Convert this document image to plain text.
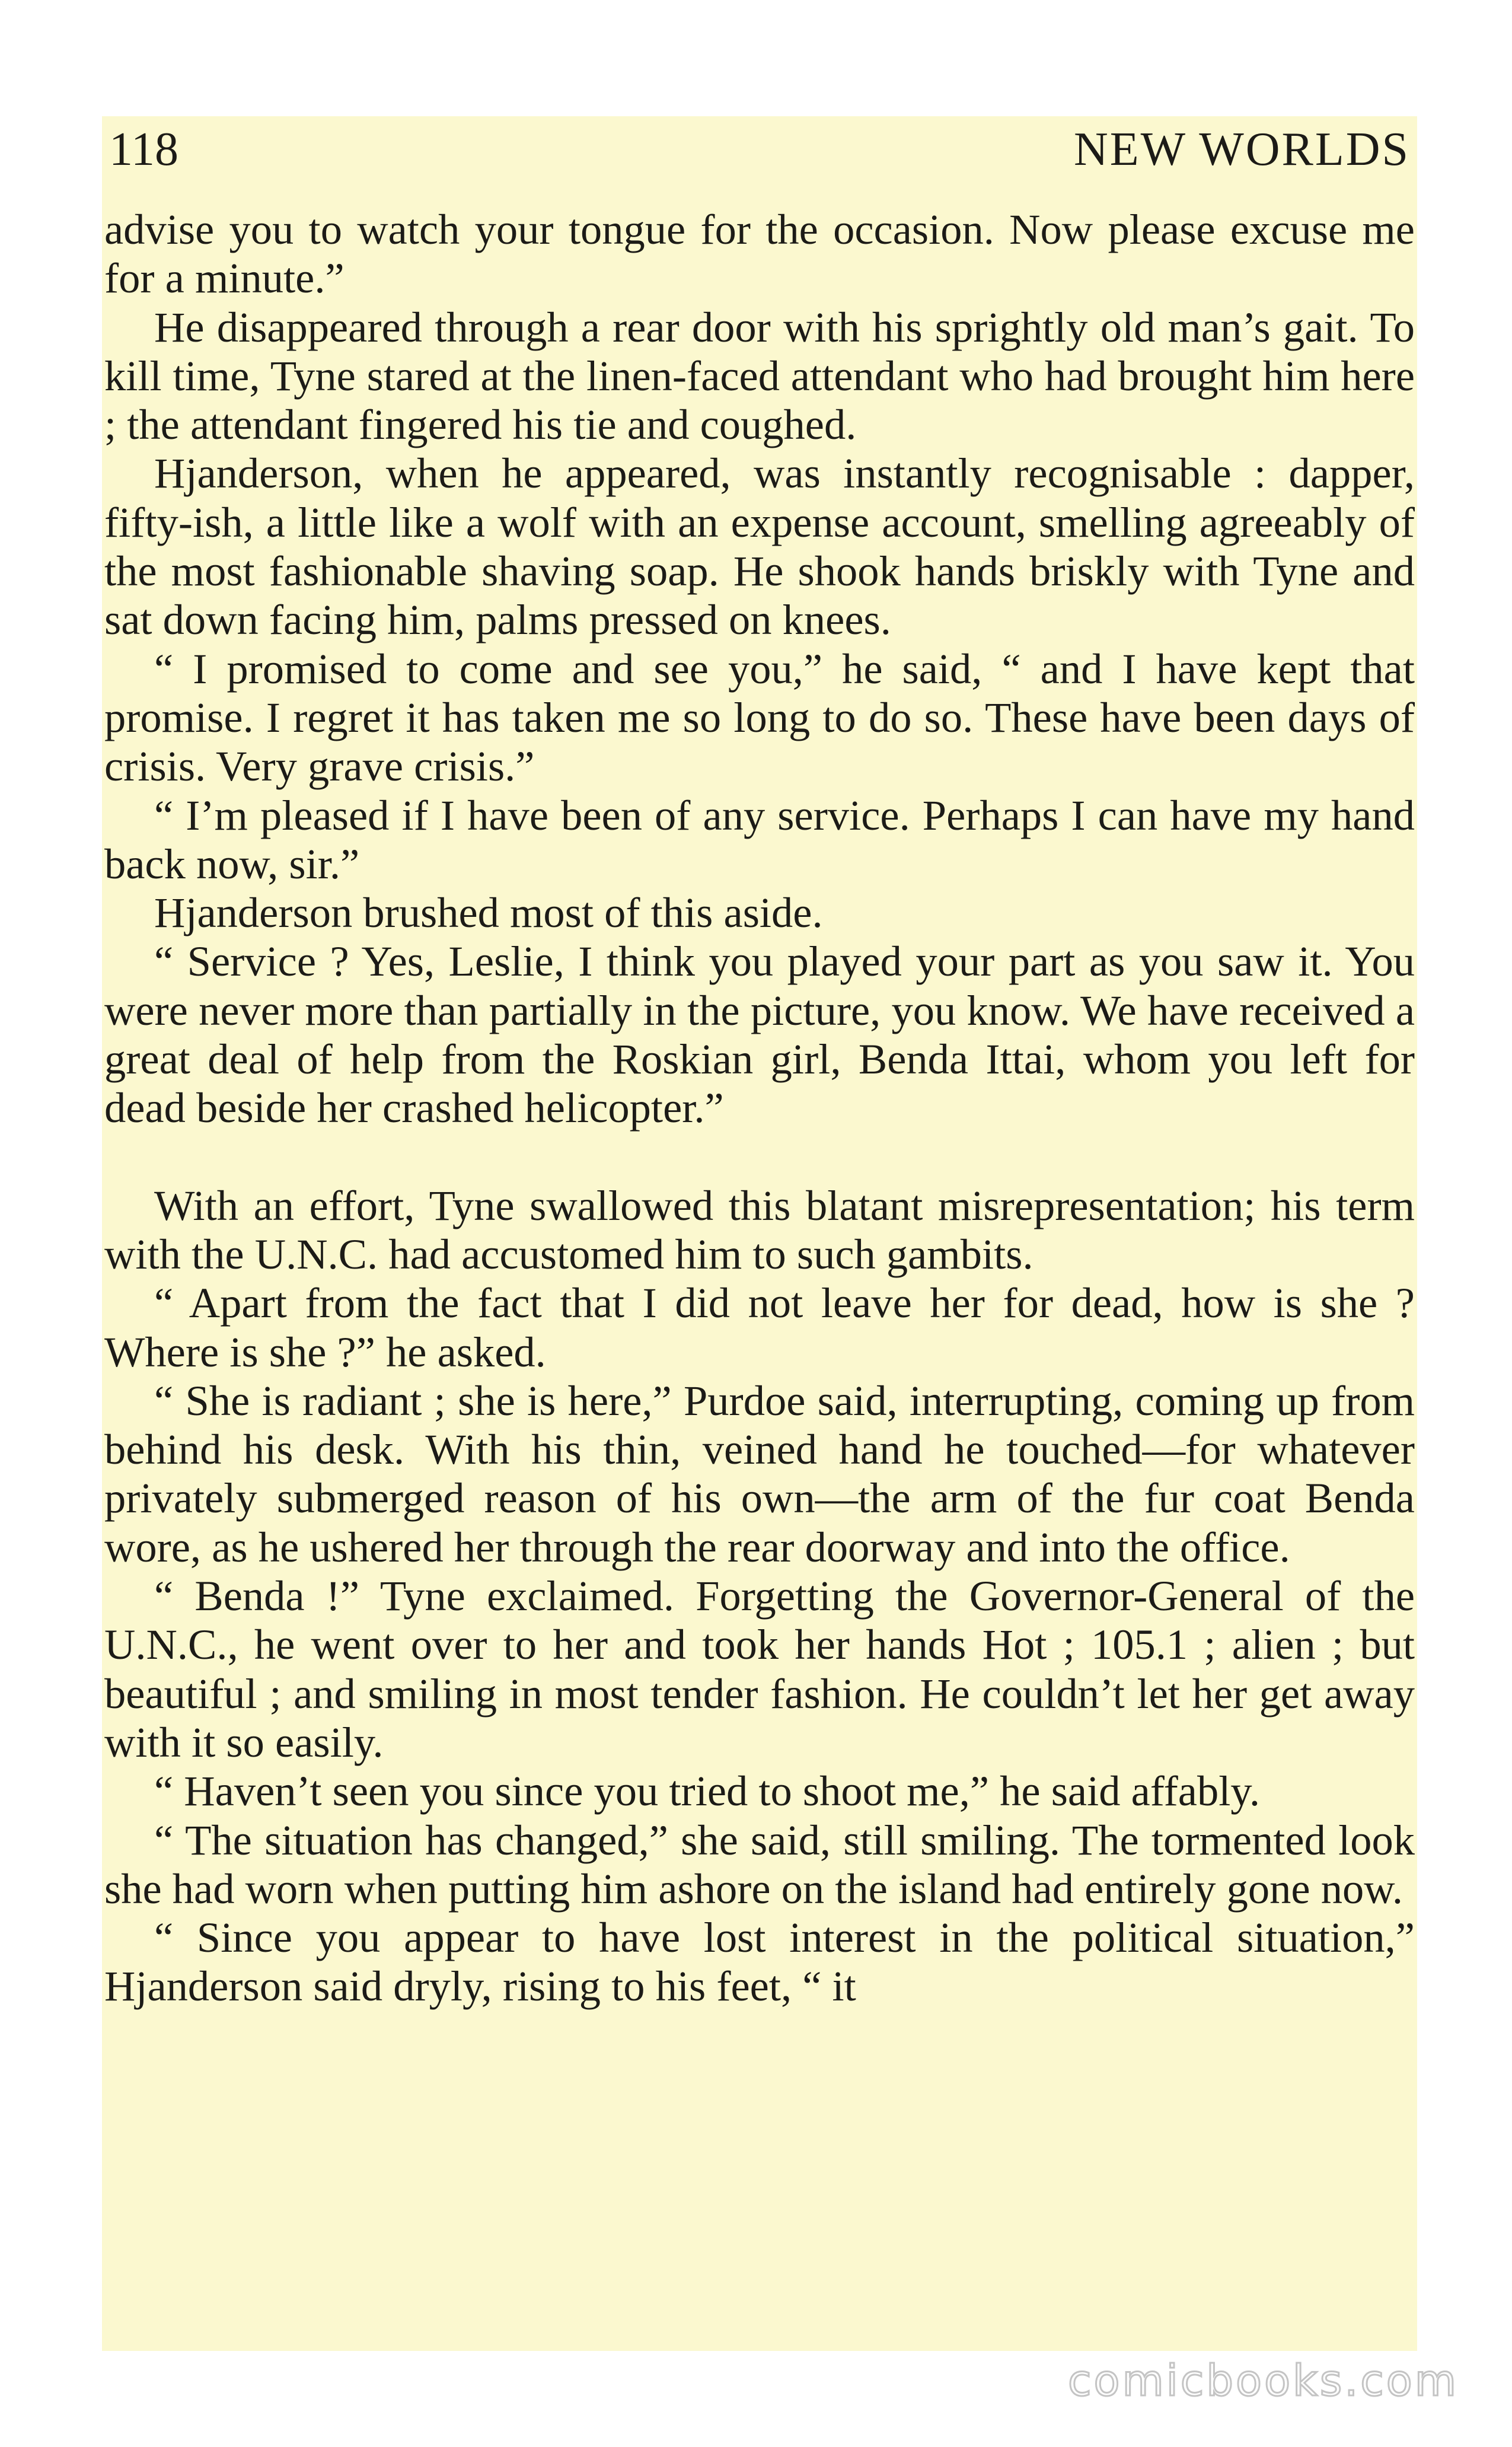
118	NEW WORLDS

advise you to watch your tongue for the occasion. Now please excuse me for a minute.”

He disappeared through a rear door with his sprightly old man’s gait. To kill time, Tyne stared at the linen-faced attendant who had brought him here ; the attendant fingered his tie and coughed.

Hjanderson, when he appeared, was instantly recognisable : dapper, fifty-ish, a little like a wolf with an expense account, smelling agreeably of the most fashionable shaving soap. He shook hands briskly with Tyne and sat down facing him, palms pressed on knees.

“ I promised to come and see you,” he said, “ and I have kept that promise. I regret it has taken me so long to do so. These have been days of crisis. Very grave crisis.”

“ I’m pleased if I have been of any service. Perhaps I can have my hand back now, sir.”

Hjanderson brushed most of this aside.

“ Service ? Yes, Leslie, I think you played your part as you saw it. You were never more than partially in the picture, you know. We have received a great deal of help from the Roskian girl, Benda Ittai, whom you left for dead beside her crashed helicopter.”

With an effort, Tyne swallowed this blatant misrepresentation; his term with the U.N.C. had accustomed him to such gambits.

“ Apart from the fact that I did not leave her for dead, how is she ? Where is she ?” he asked.

“ She is radiant ; she is here,” Purdoe said, interrupting, coming up from behind his desk. With his thin, veined hand he touched—for whatever privately submerged reason of his own—the arm of the fur coat Benda wore, as he ushered her through the rear doorway and into the office.

“ Benda !” Tyne exclaimed. Forgetting the Governor-General of the U.N.C., he went over to her and took her hands Hot ; 105.1 ; alien ; but beautiful ; and smiling in most tender fashion. He couldn’t let her get away with it so easily.

“ Haven’t seen you since you tried to shoot me,” he said affably.

“ The situation has changed,” she said, still smiling. The tormented look she had worn when putting him ashore on the island had entirely gone now.

“ Since you appear to have lost interest in the political situation,” Hjanderson said dryly, rising to his feet, “ it

comicbooks.com
